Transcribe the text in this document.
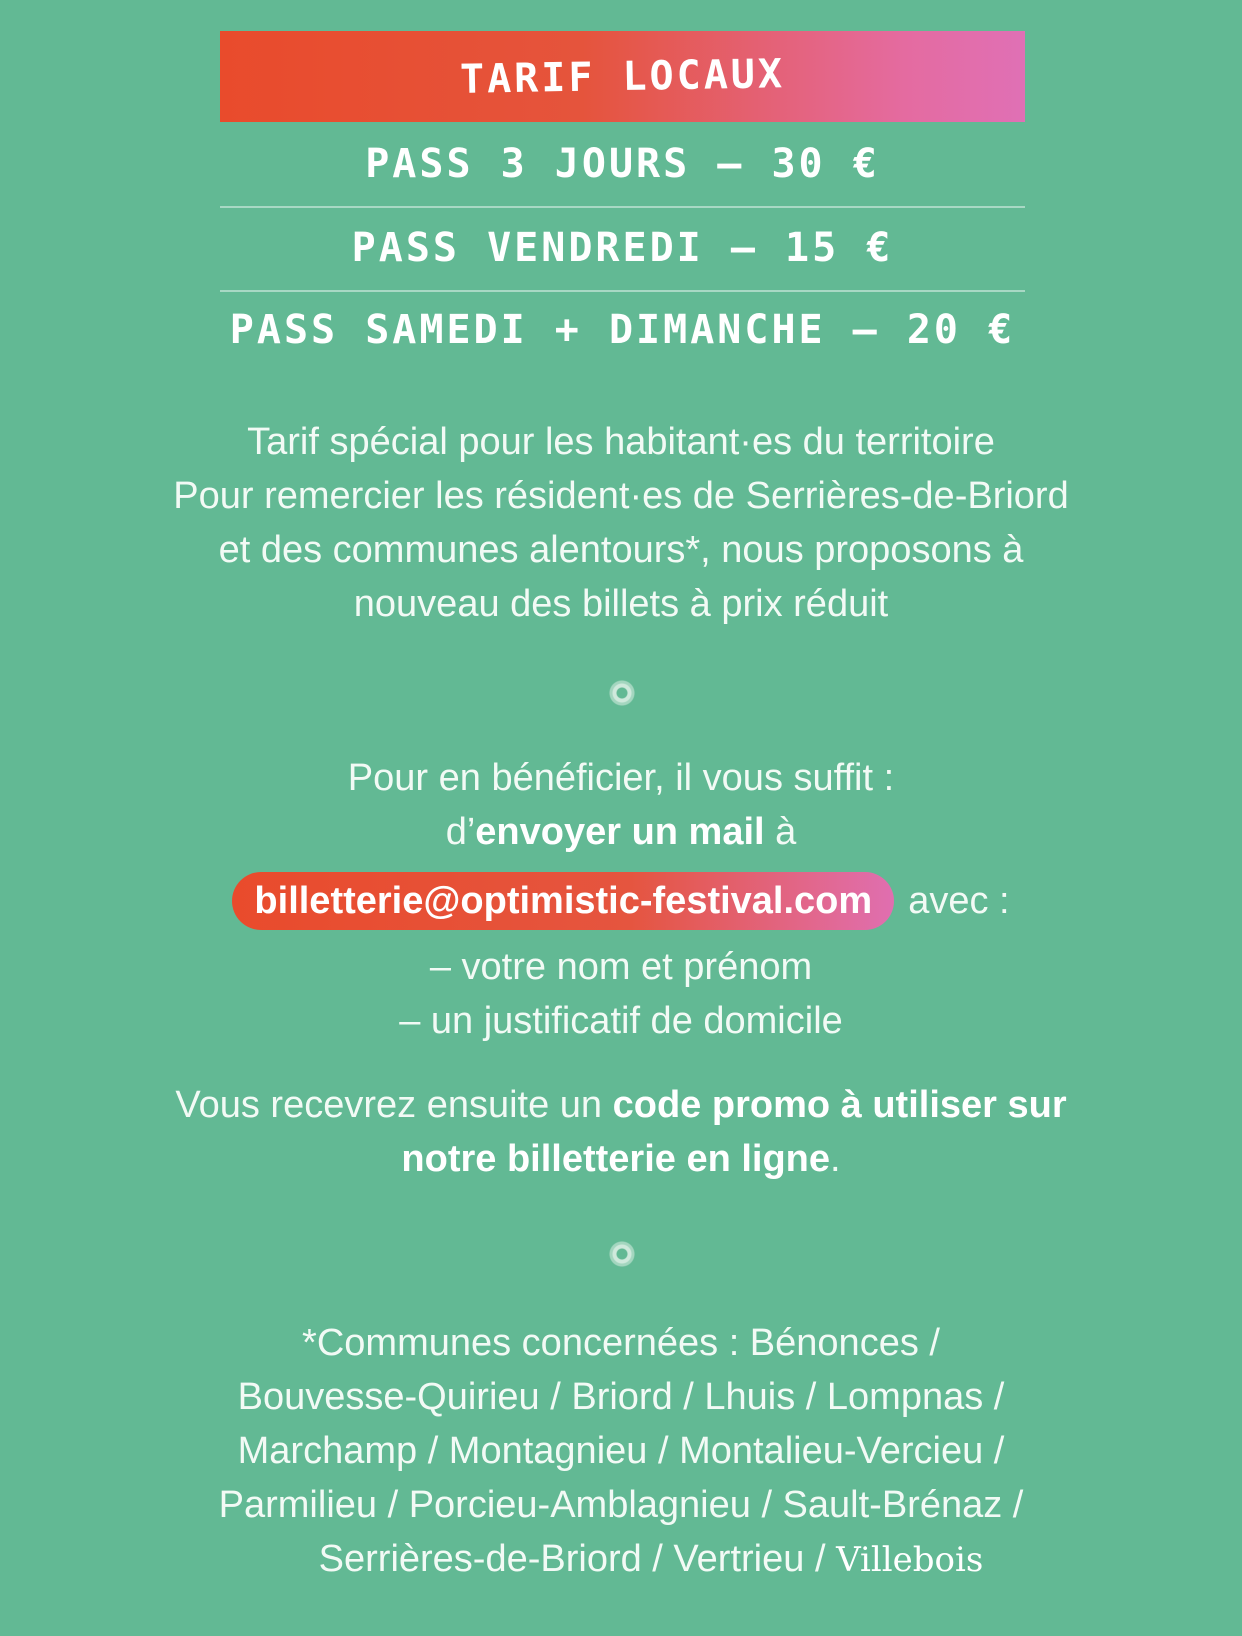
TARIF LOCAUX
PASS 3 JOURS – 30 €
PASS VENDREDI – 15 €
PASS SAMEDI + DIMANCHE – 20 €
Tarif spécial pour les habitant·es du territoire
Pour remercier les résident·es de Serrières-de-Briord
et des communes alentours*, nous proposons à
nouveau des billets à prix réduit
Pour en bénéficier, il vous suffit :
d’envoyer un mail à
billetterie@optimistic-festival.com avec :
– votre nom et prénom
– un justificatif de domicile
Vous recevrez ensuite un code promo à utiliser sur
notre billetterie en ligne.
*Communes concernées : Bénonces /
Bouvesse-Quirieu / Briord / Lhuis / Lompnas /
Marchamp / Montagnieu / Montalieu-Vercieu /
Parmilieu / Porcieu-Amblagnieu / Sault-Brénaz /
Serrières-de-Briord / Vertrieu / Villebois
